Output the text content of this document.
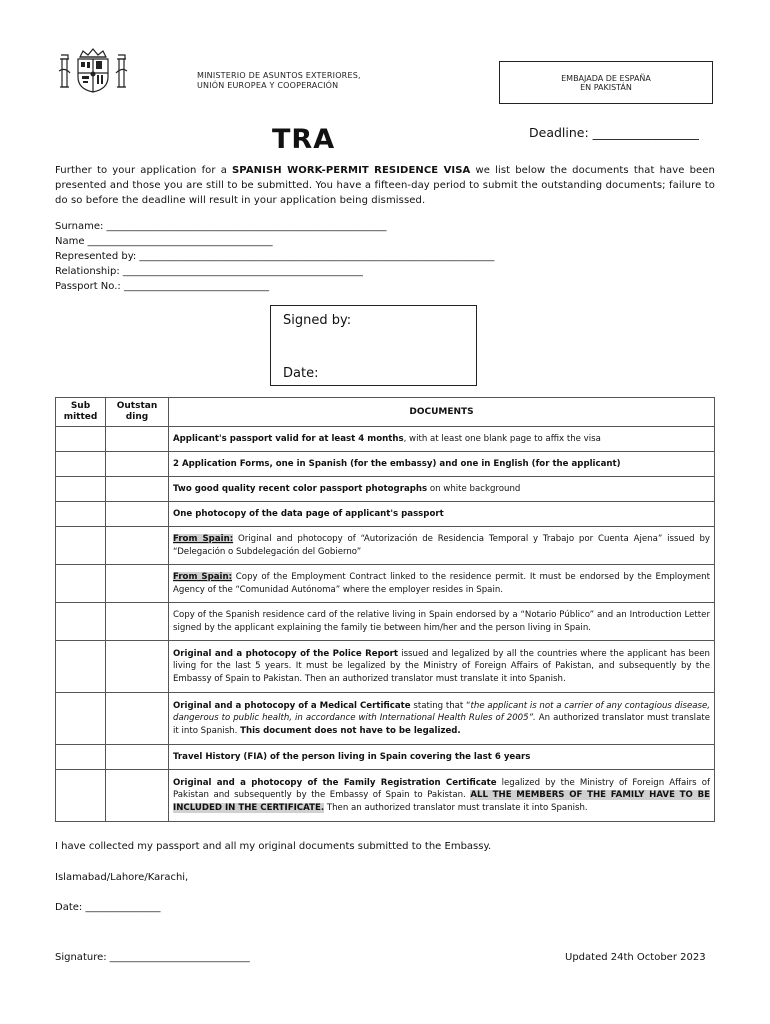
MINISTERIO DE ASUNTOS EXTERIORES,
UNIÓN EUROPEA Y COOPERACIÓN
EMBAJADA DE ESPAÑA
EN PAKISTÁN
TRA	Deadline: _________________
Further to your application for a SPANISH WORK-PERMIT RESIDENCE VISA we list below the documents that have been presented and those you are still to be submitted. You have a fifteen-day period to submit the outstanding documents; failure to do so before the deadline will result in your application being dismissed.
Surname: ________________________________________________________
Name _____________________________________
Represented by: _______________________________________________________________________
Relationship: ________________________________________________
Passport No.: _____________________________
Signed by:
Date:
Sub mitted	Outstan ding	DOCUMENTS
		Applicant's passport valid for at least 4 months, with at least one blank page to affix the visa
		2 Application Forms, one in Spanish (for the embassy) and one in English (for the applicant)
		Two good quality recent color passport photographs on white background
		One photocopy of the data page of applicant's passport
		From Spain: Original and photocopy of “Autorización de Residencia Temporal y Trabajo por Cuenta Ajena” issued by “Delegación o Subdelegación del Gobierno”
		From Spain: Copy of the Employment Contract linked to the residence permit. It must be endorsed by the Employment Agency of the “Comunidad Autónoma” where the employer resides in Spain.
		Copy of the Spanish residence card of the relative living in Spain endorsed by a “Notario Público” and an Introduction Letter signed by the applicant explaining the family tie between him/her and the person living in Spain.
		Original and a photocopy of the Police Report issued and legalized by all the countries where the applicant has been living for the last 5 years. It must be legalized by the Ministry of Foreign Affairs of Pakistan, and subsequently by the Embassy of Spain to Pakistan. Then an authorized translator must translate it into Spanish.
		Original and a photocopy of a Medical Certificate stating that “the applicant is not a carrier of any contagious disease, dangerous to public health, in accordance with International Health Rules of 2005”. An authorized translator must translate it into Spanish. This document does not have to be legalized.
		Travel History (FIA) of the person living in Spain covering the last 6 years
		Original and a photocopy of the Family Registration Certificate legalized by the Ministry of Foreign Affairs of Pakistan and subsequently by the Embassy of Spain to Pakistan. ALL THE MEMBERS OF THE FAMILY HAVE TO BE INCLUDED IN THE CERTIFICATE. Then an authorized translator must translate it into Spanish.
I have collected my passport and all my original documents submitted to the Embassy.
Islamabad/Lahore/Karachi,
Date: _______________
Signature: ____________________________	Updated 24th October 2023
